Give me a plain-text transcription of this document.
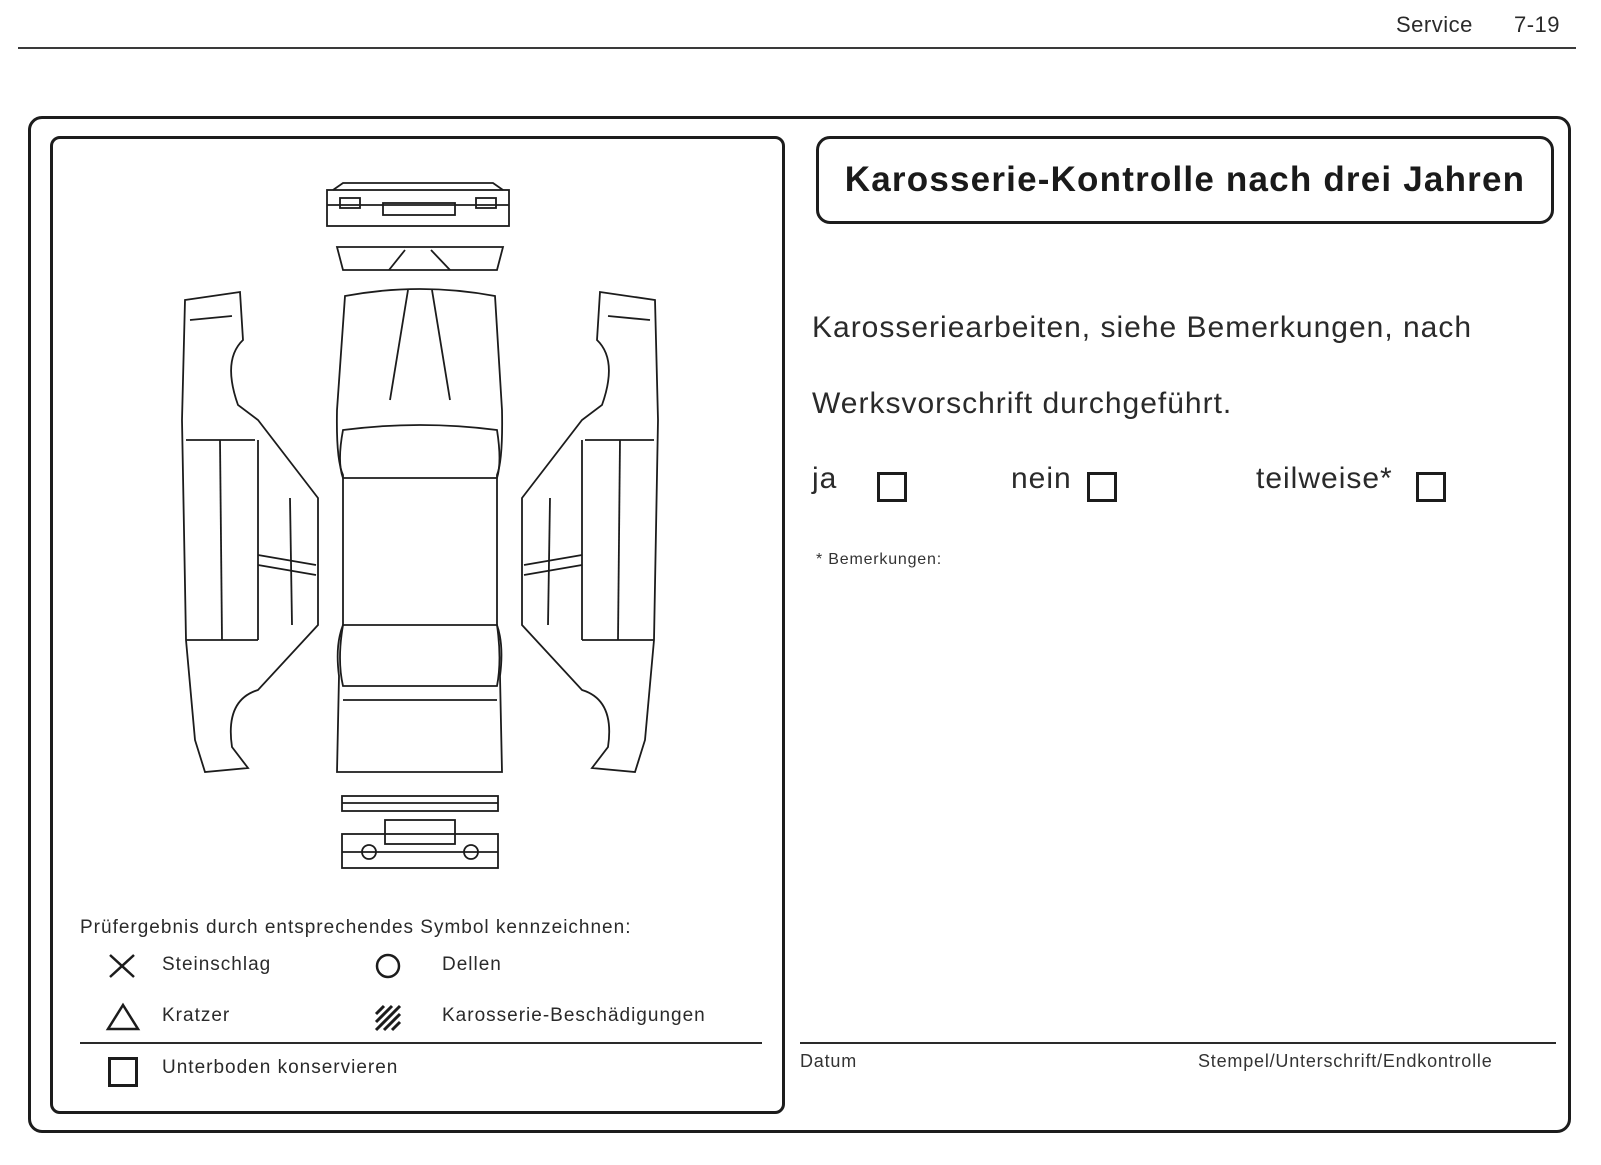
Service 7-19
Prüfergebnis durch entsprechendes Symbol kennzeichnen:
Steinschlag	Dellen
Kratzer	Karosserie-Beschädigungen
Unterboden konservieren
Karosserie-Kontrolle nach drei Jahren
Karosseriearbeiten, siehe Bemerkungen, nach
Werksvorschrift durchgeführt.
ja	nein	teilweise*
* Bemerkungen:
Datum	Stempel/Unterschrift/Endkontrolle
